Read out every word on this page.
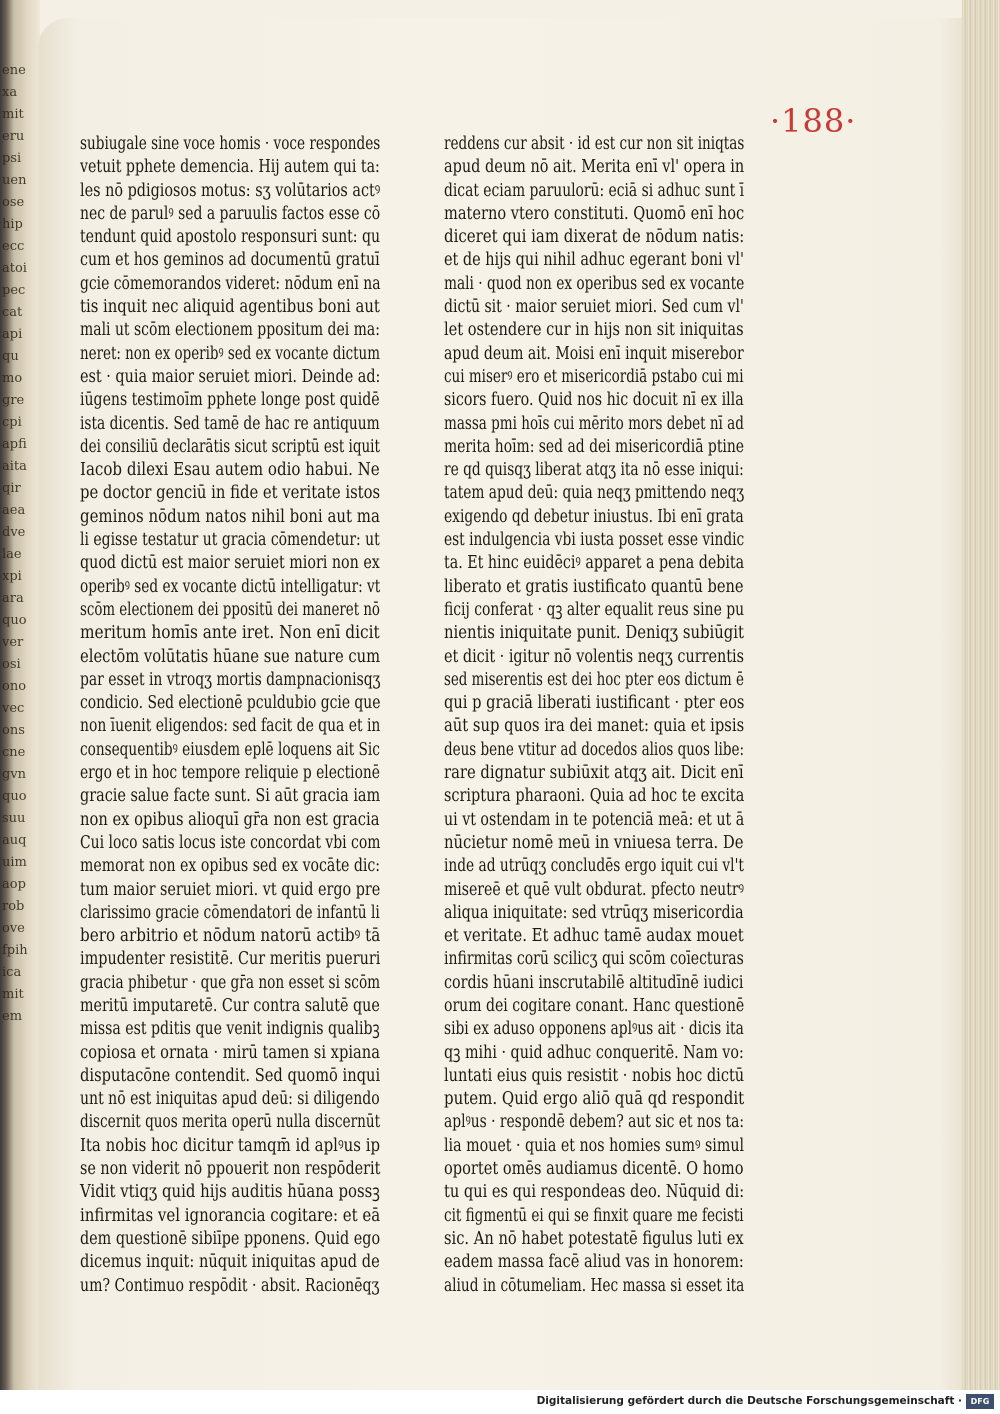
enexamiterupsiuenosehipeccatoipeccatapiqumogrecpiapfiaitaqiraeadvelaexpiaraquoverosionoveconscnegvnquosuuauquimaoprobovefpihicamitem
·188·
subiugale sine voce homis · voce respondes
vetuit pphete demencia. Hij autem qui ta:
les nō pdigiosos motus: sʒ volūtarios actꝰ
nec de parulꝰ sed a paruulis factos esse cō
tendunt quid apostolo responsuri sunt: qu
cum et hos geminos ad documentū gratuī
gcie cōmemorandos videret: nōdum enī na
tis inquit nec aliquid agentibus boni aut
mali ut scōm electionem ppositum dei ma:
neret: non ex operibꝰ sed ex vocante dictum
est · quia maior seruiet miori. Deinde ad:
iūgens testimoīm pphete longe post quidē
ista dicentis. Sed tamē de hac re antiquum
dei consiliū declarātis sicut scriptū est iquit
Iacob dilexi Esau autem odio habui. Ne
pe doctor genciū in fide et veritate istos
geminos nōdum natos nihil boni aut ma
li egisse testatur ut gracia cōmendetur: ut
quod dictū est maior seruiet miori non ex
operibꝰ sed ex vocante dictū intelligatur: vt
scōm electionem dei ppositū dei maneret nō
meritum homīs ante iret. Non enī dicit
electōm volūtatis hūane sue nature cum
par esset in vtroqʒ mortis dampnacionisqʒ
condicio. Sed electionē pculdubio gcie que
non īuenit eligendos: sed facit de qua et in
consequentibꝰ eiusdem eplē loquens ait Sic
ergo et in hoc tempore reliquie p electionē
gracie salue facte sunt. Si aūt gracia iam
non ex opibus alioquī gr̄a non est gracia
Cui loco satis locus iste concordat vbi com
memorat non ex opibus sed ex vocāte dic:
tum maior seruiet miori. vt quid ergo pre
clarissimo gracie cōmendatori de infantū li
bero arbitrio et nōdum natorū actibꝰ tā
impudenter resistitē. Cur meritis pueruri
gracia phibetur · que gr̄a non esset si scōm
meritū imputaretē. Cur contra salutē que
missa est pditis que venit indignis qualibꝫ
copiosa et ornata · mirū tamen si xpiana
disputacōne contendit. Sed quomō inqui
unt nō est iniquitas apud deū: si diligendo
discernit quos merita operū nulla discernūt
Ita nobis hoc dicitur tamqm̄ id aplꝰus ip
se non viderit nō ppouerit non respōderit
Vidit vtiqʒ quid hijs auditis hūana possꝫ
infirmitas vel ignorancia cogitare: et eā
dem questionē sibiīpe pponens. Quid ego
dicemus inquit: nūquit iniquitas apud de
um? Contimuo respōdit · absit. Racionēqʒ
reddens cur absit · id est cur non sit iniqtas
apud deum nō ait. Merita enī vl' opera in
dicat eciam paruulorū: eciā si adhuc sunt ī
materno vtero constituti. Quomō enī hoc
diceret qui iam dixerat de nōdum natis:
et de hijs qui nihil adhuc egerant boni vl'
mali · quod non ex operibus sed ex vocante
dictū sit · maior seruiet miori. Sed cum vl'
let ostendere cur in hijs non sit iniquitas
apud deum ait. Moisi enī inquit miserebor
cui miserꝰ ero et misericordiā pstabo cui mi
sicors fuero. Quid nos hic docuit nī ex illa
massa pmi hoīs cui mērito mors debet nī ad
merita hoīm: sed ad dei misericordiā ptine
re qd quisqʒ liberat atqʒ ita nō esse iniqui:
tatem apud deū: quia neqʒ pmittendo neqʒ
exigendo qd debetur iniustus. Ibi enī grata
est indulgencia vbi iusta posset esse vindic
ta. Et hinc euidēciꝰ apparet a pena debita
liberato et gratis iustificato quantū bene
ficij conferat · qꝫ alter equalit reus sine pu
nientis iniquitate punit. Deniqʒ subiūgit
et dicit · igitur nō volentis neqʒ currentis
sed miserentis est dei hoc pter eos dictum ē
qui p graciā liberati iustificant · pter eos
aūt sup quos ira dei manet: quia et ipsis
deus bene vtitur ad docedos alios quos libe:
rare dignatur subiūxit atqʒ ait. Dicit enī
scriptura pharaoni. Quia ad hoc te excita
ui vt ostendam in te potenciā meā: et ut ā
nūcietur nomē meū in vniuesa terra. De
inde ad utrūqʒ concludēs ergo iquit cui vl't
misereē et quē vult obdurat. pfecto neutrꝰ
aliqua iniquitate: sed vtrūqʒ misericordia
et veritate. Et adhuc tamē audax mouet
infirmitas corū scilicʒ qui scōm coīecturas
cordis hūani inscrutabilē altitudīnē iudici
orum dei cogitare conant. Hanc questionē
sibi ex aduso opponens aplꝰus ait · dicis ita
qꝫ mihi · quid adhuc conqueritē. Nam vo:
luntati eius quis resistit · nobis hoc dictū
putem. Quid ergo aliō quā qd respondit
aplꝰus · respondē debem? aut sic et nos ta:
lia mouet · quia et nos homies sumꝰ simul
oportet omēs audiamus dicentē. O homo
tu qui es qui respondeas deo. Nūquid di:
cit figmentū ei qui se finxit quare me fecisti
sic. An nō habet potestatē figulus luti ex
eadem massa facē aliud vas in honorem:
aliud in cōtumeliam. Hec massa si esset ita
Digitalisierung gefördert durch die Deutsche Forschungsgemeinschaft ·	DFG
